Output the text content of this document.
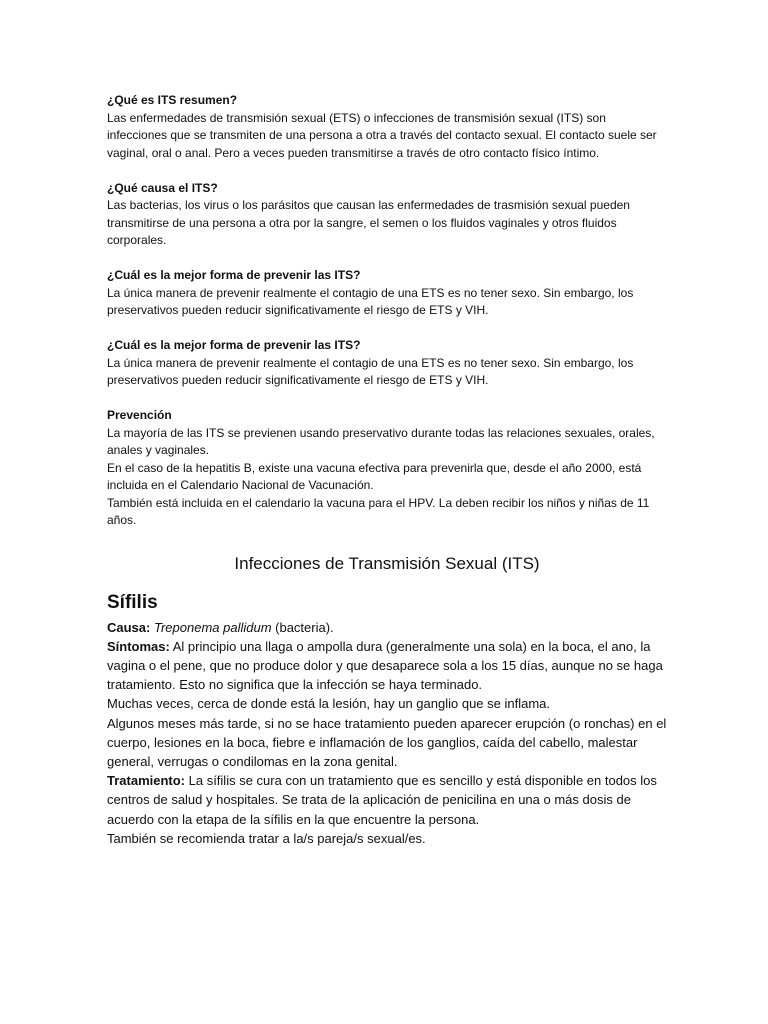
¿Qué es ITS resumen?

Las enfermedades de transmisión sexual (ETS) o infecciones de transmisión sexual (ITS) son infecciones que se transmiten de una persona a otra a través del contacto sexual. El contacto suele ser vaginal, oral o anal. Pero a veces pueden transmitirse a través de otro contacto físico íntimo.

¿Qué causa el ITS?

Las bacterias, los virus o los parásitos que causan las enfermedades de trasmisión sexual pueden transmitirse de una persona a otra por la sangre, el semen o los fluidos vaginales y otros fluidos corporales.

¿Cuál es la mejor forma de prevenir las ITS?

La única manera de prevenir realmente el contagio de una ETS es no tener sexo. Sin embargo, los preservativos pueden reducir significativamente el riesgo de ETS y VIH.

¿Cuál es la mejor forma de prevenir las ITS?

La única manera de prevenir realmente el contagio de una ETS es no tener sexo. Sin embargo, los preservativos pueden reducir significativamente el riesgo de ETS y VIH.

Prevención
La mayoría de las ITS se previenen usando preservativo durante todas las relaciones sexuales, orales, anales y vaginales.
En el caso de la hepatitis B, existe una vacuna efectiva para prevenirla que, desde el año 2000, está incluida en el Calendario Nacional de Vacunación.
También está incluida en el calendario la vacuna para el HPV. La deben recibir los niños y niñas de 11 años.
Infecciones de Transmisión Sexual (ITS)
Sífilis
Causa: Treponema pallidum (bacteria).
Síntomas: Al principio una llaga o ampolla dura (generalmente una sola) en la boca, el ano, la vagina o el pene, que no produce dolor y que desaparece sola a los 15 días, aunque no se haga tratamiento. Esto no significa que la infección se haya terminado.
Muchas veces, cerca de donde está la lesión, hay un ganglio que se inflama.
Algunos meses más tarde, si no se hace tratamiento pueden aparecer erupción (o ronchas) en el cuerpo, lesiones en la boca, fiebre e inflamación de los ganglios, caída del cabello, malestar general, verrugas o condilomas en la zona genital.
Tratamiento: La sífilis se cura con un tratamiento que es sencillo y está disponible en todos los centros de salud y hospitales. Se trata de la aplicación de penicilina en una o más dosis de acuerdo con la etapa de la sífilis en la que encuentre la persona.
También se recomienda tratar a la/s pareja/s sexual/es.
